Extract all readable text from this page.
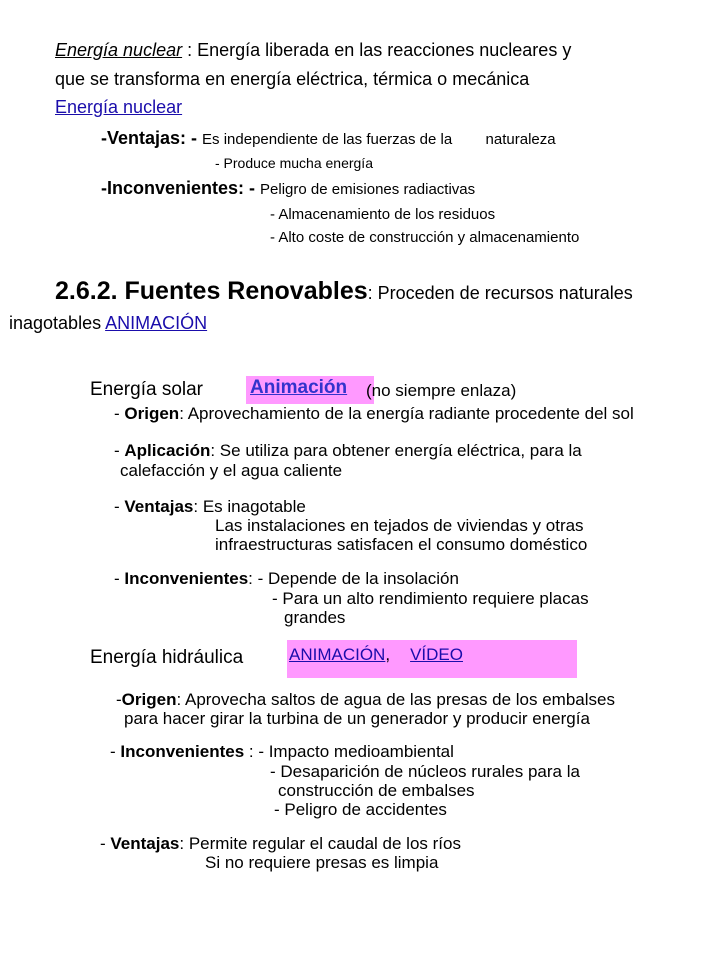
Energía nuclear : Energía liberada en las reacciones nucleares y
que se transforma en energía eléctrica, térmica o mecánica
Energía nuclear
-Ventajas: - Es independiente de las fuerzas de la        naturaleza
- Produce mucha energía
-Inconvenientes: - Peligro de emisiones radiactivas
- Almacenamiento de los residuos
- Alto coste de construcción y almacenamiento
2.6.2. Fuentes Renovables: Proceden de recursos naturales
inagotables ANIMACIÓN
Energía solar Animación (no siempre enlaza)
- Origen: Aprovechamiento de la energía radiante procedente del sol
- Aplicación: Se utiliza para obtener energía eléctrica, para la
calefacción y el agua caliente
- Ventajas: Es inagotable
Las instalaciones en tejados de viviendas y otras
infraestructuras satisfacen el consumo doméstico
- Inconvenientes: - Depende de la insolación
- Para un alto rendimiento requiere placas
grandes
Energía hidráulica	ANIMACIÓN, VÍDEO
-Origen: Aprovecha saltos de agua de las presas de los embalses
para hacer girar la turbina de un generador y producir energía
- Inconvenientes : - Impacto medioambiental
- Desaparición de núcleos rurales para la
construcción de embalses
- Peligro de accidentes
- Ventajas: Permite regular el caudal de los ríos
Si no requiere presas es limpia
